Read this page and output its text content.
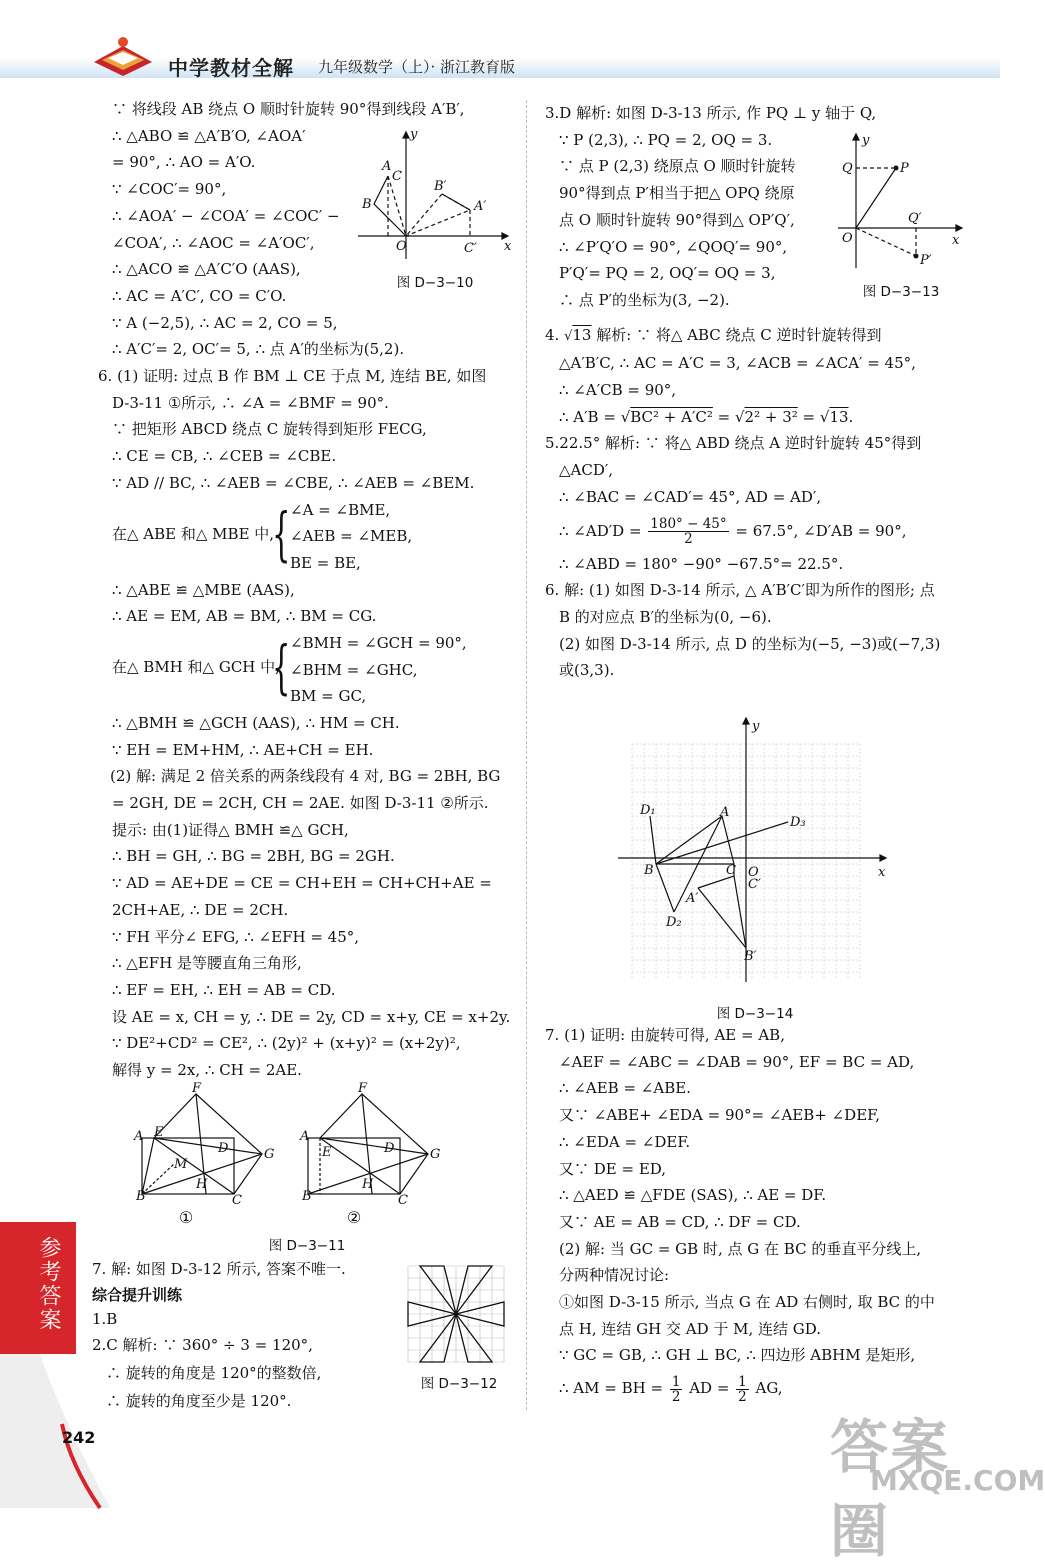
中学教材全解 九年级数学（上）· 浙江教育版
∵ 将线段 AB 绕点 O 顺时针旋转 90°得到线段 A′B′,
∴ △ABO ≌ △A′B′O, ∠AOA′
= 90°, ∴ AO = A′O.
∵ ∠COC′= 90°,
∴ ∠AOA′ − ∠COA′ = ∠COC′ −
∠COA′, ∴ ∠AOC = ∠A′OC′,
∴ △ACO ≌ △A′C′O (AAS),
∴ AC = A′C′, CO = C′O.
∵ A (−2,5), ∴ AC = 2, CO = 5,
∴ A′C′= 2, OC′= 5, ∴ 点 A′的坐标为(5,2).
6. (1) 证明: 过点 B 作 BM ⊥ CE 于点 M, 连结 BE, 如图
D-3-11 ①所示, ∴ ∠A = ∠BMF = 90°.
∵ 把矩形 ABCD 绕点 C 旋转得到矩形 FECG,
∴ CE = CB, ∴ ∠CEB = ∠CBE.
∵ AD // BC, ∴ ∠AEB = ∠CBE, ∴ ∠AEB = ∠BEM.
在△ ABE 和△ MBE 中,
{ ∠A = ∠BME,
∠AEB = ∠MEB,
BE = BE,
∴ △ABE ≌ △MBE (AAS),
∴ AE = EM, AB = BM, ∴ BM = CG.
在△ BMH 和△ GCH 中,
{ ∠BMH = ∠GCH = 90°,
∠BHM = ∠GHC,
BM = GC,
∴ △BMH ≌ △GCH (AAS), ∴ HM = CH.
∵ EH = EM+HM, ∴ AE+CH = EH.
(2) 解: 满足 2 倍关系的两条线段有 4 对, BG = 2BH, BG
= 2GH, DE = 2CH, CH = 2AE. 如图 D-3-11 ②所示.
提示: 由(1)证得△ BMH ≌△ GCH,
∴ BH = GH, ∴ BG = 2BH, BG = 2GH.
∵ AD = AE+DE = CE = CH+EH = CH+CH+AE =
2CH+AE, ∴ DE = 2CH.
∵ FH 平分∠ EFG, ∴ ∠EFH = 45°,
∴ △EFH 是等腰直角三角形,
∴ EF = EH, ∴ EH = AB = CD.
设 AE = x, CH = y, ∴ DE = 2y, CD = x+y, CE = x+2y.
∵ DE²+CD² = CE², ∴ (2y)² + (x+y)² = (x+2y)²,
解得 y = 2x, ∴ CH = 2AE.
y
x
O
A
C
B
B′
A′
C′
图 D−3−10
F
A E
D
M
G
B
H
C
F
A
E	D	G
B
H
C
①	②
图 D−3−11
7. 解: 如图 D-3-12 所示, 答案不唯一.
综合提升训练
1.B
2.C 解析: ∵ 360° ÷ 3 = 120°,
∴ 旋转的角度是 120°的整数倍,
∴ 旋转的角度至少是 120°.
图 D−3−12
3.D 解析: 如图 D-3-13 所示, 作 PQ ⊥ y 轴于 Q,
∵ P (2,3), ∴ PQ = 2, OQ = 3.
∵ 点 P (2,3) 绕原点 O 顺时针旋转
90°得到点 P′相当于把△ OPQ 绕原
点 O 顺时针旋转 90°得到△ OP′Q′,
∴ ∠P′Q′O = 90°, ∠QOQ′= 90°,
P′Q′= PQ = 2, OQ′= OQ = 3,
∴ 点 P′的坐标为(3, −2).
4. √13 解析: ∵ 将△ ABC 绕点 C 逆时针旋转得到
△A′B′C, ∴ AC = A′C = 3, ∠ACB = ∠ACA′ = 45°,
∴ ∠A′CB = 90°,
∴ A′B = √BC² + A′C² = √2² + 3² = √13.
5.22.5° 解析: ∵ 将△ ABD 绕点 A 逆时针旋转 45°得到
△ACD′,
∴ ∠BAC = ∠CAD′= 45°, AD = AD′,
∴ ∠AD′D = $\frac{180^\circ - 45^\circ}{2} = 67.5^\circ$, ∠D′AB = 90°,
∴ ∠ABD = 180° −90° −67.5°= 22.5°.
6. 解: (1) 如图 D-3-14 所示, △ A′B′C′即为所作的图形; 点
B 的对应点 B′的坐标为(0, −6).
(2) 如图 D-3-14 所示, 点 D 的坐标为(−5, −3)或(−7,3)
或(3,3).
y
x
O
Q	P
Q′
P′
图 D−3−13
y
x
O
D₁	A
D₃
B	C
C′
A′
D₂
B′
图 D−3−14
7. (1) 证明: 由旋转可得, AE = AB,
∠AEF = ∠ABC = ∠DAB = 90°, EF = BC = AD,
∴ ∠AEB = ∠ABE.
又∵ ∠ABE+ ∠EDA = 90°= ∠AEB+ ∠DEF,
∴ ∠EDA = ∠DEF.
又∵ DE = ED,
∴ △AED ≌ △FDE (SAS), ∴ AE = DF.
又∵ AE = AB = CD, ∴ DF = CD.
(2) 解: 当 GC = GB 时, 点 G 在 BC 的垂直平分线上,
分两种情况讨论:
①如图 D-3-15 所示, 当点 G 在 AD 右侧时, 取 BC 的中
点 H, 连结 GH 交 AD 于 M, 连结 GD.
∵ GC = GB, ∴ GH ⊥ BC, ∴ 四边形 ABHM 是矩形,
∴ AM = BH = $\frac{1}{2}$ AD = $\frac{1}{2}$ AG,
参考答案
242	答案圈
MXQE.COM
